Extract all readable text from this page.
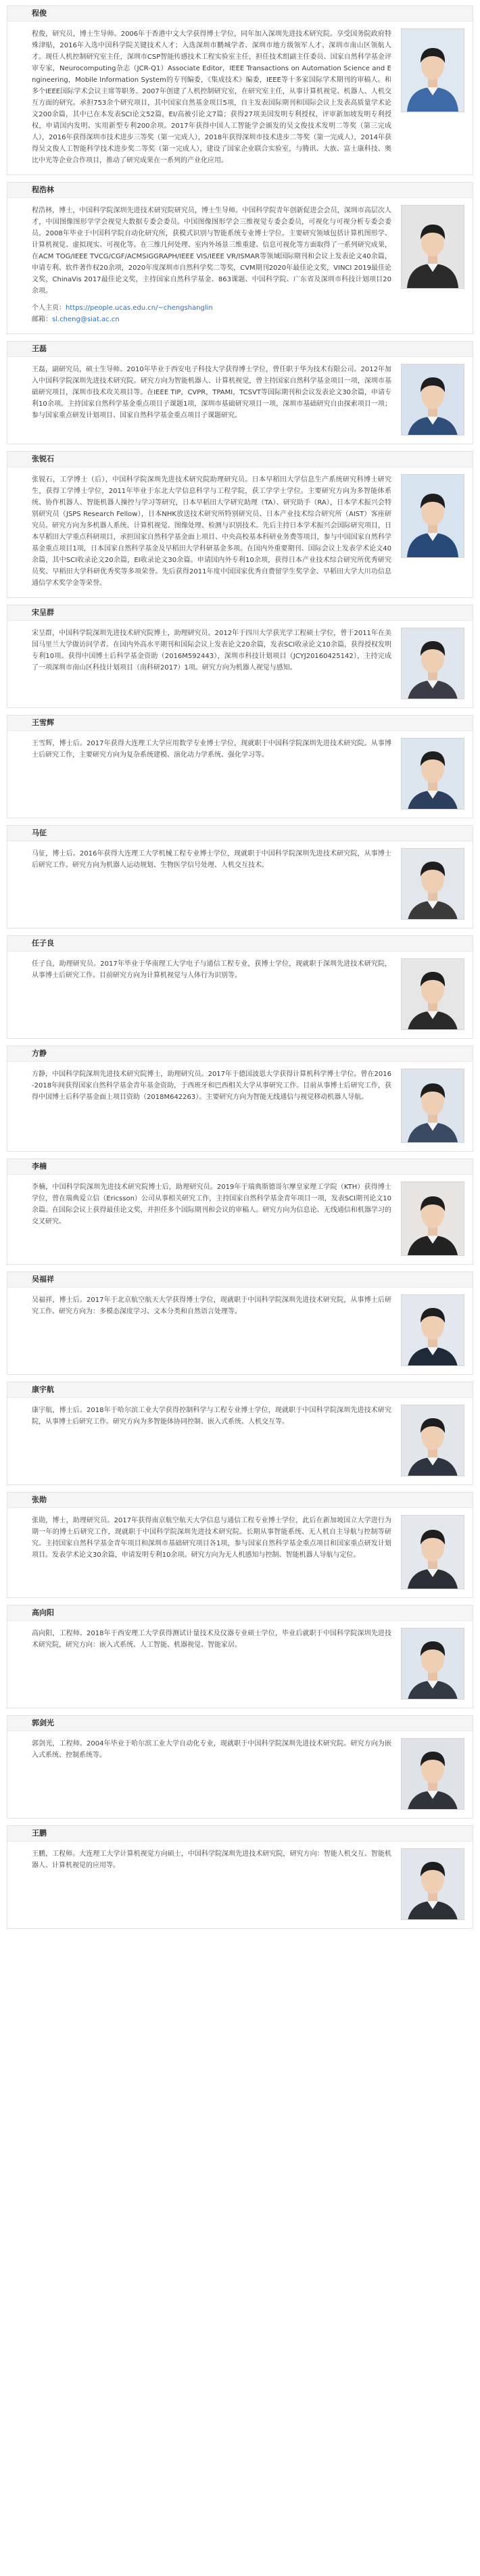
程俊

程俊，研究员，博士生导师。2006年于香港中文大学获得博士学位，同年加入深圳先进技术研究院。享受国务院政府特殊津贴，2016年入选中国科学院关键技术人才；入选深圳市鹏城学者、深圳市地方级领军人才、深圳市南山区领航人才。现任人机控制研究室主任，深圳市CSP智能传感技术工程实验室主任，担任技术组副主任委员、国家自然科学基金评审专家，Neurocomputing杂志（JCR-Q1）Associate Editor，IEEE Transactions on Automation Science and Engineering，Mobile Information System的专刊编委，《集成技术》编委，IEEE等十多家国际学术期刊的审稿人。和多个IEEE国际学术会议主席等职务。2007年创建了人机控制研究室，在研究室主任，从事计算机视觉、机器人、人机交互方面的研究。承担753余个研究项目，其中国家自然基金项目5项，自主发表国际期刊和国际会议上发表高质量学术论文200余篇，其中已在本发表SCI论文52篇，EI/高被引论文7篇；获得27项美国发明专利授权，评审新加坡发明专利授权，申请国内发明、实用新型专利200余项。2017年获得中国人工智能学会颁发的吴文俊技术发明二等奖（第三完成人），2016年获得深圳市技术进步三等奖（第一完成人），2018年获得深圳市技术进步二等奖（第一完成人），2014年获得吴文俊人工智能科学技术进步奖二等奖（第一完成人），建设了国家企业联合实验室，与腾讯、大族、富士康科技、奥比中光等企业合作项目，推动了研究成果在一系列的产业化应用。

程浩林

程浩林，博士，中国科学院深圳先进技术研究院研究员，博士生导师。中国科学院青年创新促进会会员，深圳市高层次人才，中国图像图形学学会视觉大数据专委会委员。中国图像图形学会三维视觉专委会委员，可视化与可视分析专委会委员。2008年毕业于中国科学院自动化研究所，获模式识别与智能系统专业博士学位。主要研究领域包括计算机图形学、计算机视觉、虚拟现实、可视化等。在三维几何处理、室内外场景三维重建、信息可视化等方面取得了一系列研究成果，在ACM TOG/IEEE TVCG/CGF/ACMSIGGRAPH/IEEE VIS/IEEE VR/ISMAR等领域国际期刊和会议上发表论文40余篇，申请专利、软件著作权20余项，2020年度深圳市自然科学奖二等奖，CVM期刊2020年最佳论文奖，VINCI 2019最佳论文奖，ChinaVis 2017最佳论文奖，主持国家自然科学基金、863课题、中国科学院、广东省及深圳市科技计划项目20余项。

个人主页：https://people.ucas.edu.cn/~chengshanglin
邮箱：sl.cheng@siat.ac.cn
王磊

王磊，副研究员，硕士生导师。2010年毕业于西安电子科技大学获得博士学位，曾任职于华为技术有限公司。2012年加入中国科学院深圳先进技术研究院。研究方向为智能机器人、计算机视觉，曾主持国家自然科学基金项目一项，深圳市基础研究项目，深圳市技术攻关项目等。在IEEE TIP，CVPR，TPAMI，TCSVT等国际期刊和会议发表论文30余篇，申请专利10余项。主持国家自然科学基金重点项目子课题1项，深圳市基础研究项目一项，深圳市基础研究自由探索项目一项；参与国家重点研发计划项目、国家自然科学基金重点项目子课题研究。

张锐石

张锐石，工学博士（后），中国科学院深圳先进技术研究院助理研究员。日本早稻田大学信息生产系统研究科博士研究生，获得工学博士学位，2011年毕业于东北大学信息科学与工程学院，获工学学士学位。主要研究方向为多智能体系统、协作机器人、智能机器人操控与学习等研究，日本早稻田大学研究助理（TA）、研究助手（RA），日本学术振兴会特别研究员（JSPS Research Fellow），日本NHK放送技术研究所特别研究员、日本产业技术综合研究所（AIST）客座研究员。研究方向为多机器人系统、计算机视觉、图像处理、检测与识别技术。先后主持日本学术振兴会国际研究项目，日本早稻田大学重点科研项目，承担国家自然科学基金面上项目、中央高校基本科研业务费等项目，参与中国国家自然科学基金重点项目1项，日本国家自然科学基金及早稻田大学科研基金多项。在国内外重要期刊、国际会议上发表学术论文40余篇，其中SCI收录论文20余篇，EI收录论文30余篇。申请国内外专利10余项，获得日本产业技术综合研究所优秀研究员奖、早稻田大学科研优秀奖等多项荣誉。先后获得2011年度中国国家优秀自费留学生奖学金、早稻田大学大川功信息通信学术奖学金等荣誉。

宋呈群

宋呈群，中国科学院深圳先进技术研究院博士，助理研究员。2012年于四川大学获光学工程硕士学位，曾于2011年在美国马里兰大学做访问学者。在国内外高水平期刊和国际会议上发表论文20余篇，发表SCI收录论文10余篇，获得授权发明专利10项。获得中国博士后科学基金资助（2016M592443），深圳市科技计划项目（JCYJ20160425142），主持完成了一项深圳市南山区科技计划项目（南科研2017）1项。研究方向为机器人视觉与感知。

王雪辉

王雪辉，博士后。2017年获得大连理工大学应用数学专业博士学位，现就职于中国科学院深圳先进技术研究院。从事博士后研究工作，主要研究方向为复杂系统建模、演化动力学系统、强化学习等。

马征

马征，博士后。2016年获得大连理工大学机械工程专业博士学位，现就职于中国科学院深圳先进技术研究院，从事博士后研究工作。研究方向为机器人运动规划、生物医学信号处理、人机交互技术。

任子良

任子良，助理研究员。2017年毕业于华南理工大学电子与通信工程专业，获博士学位，现就职于深圳先进技术研究院，从事博士后研究工作。目前研究方向为计算机视觉与人体行为识别等。

方静

方静，中国科学院深圳先进技术研究院博士，助理研究员。2017年于德国波恩大学获得计算机科学博士学位。曾在2016-2018年间获得国家自然科学基金青年基金资助，于西班牙和巴西相关大学从事研究工作。目前从事博士后研究工作，获得中国博士后科学基金面上项目资助（2018M642263）。主要研究方向为智能无线通信与视觉移动机器人导航。

李楠

李楠，中国科学院深圳先进技术研究院博士后，助理研究员。2019年于瑞典斯德哥尔摩皇家理工学院（KTH）获得博士学位，曾在瑞典爱立信（Ericsson）公司从事相关研究工作，主持国家自然科学基金青年项目一项，发表SCI期刊论文10余篇。在国际会议上获得最佳论文奖，并担任多个国际期刊和会议的审稿人。研究方向为信息论、无线通信和机器学习的交叉研究。

吴福祥

吴福祥，博士后。2017年于北京航空航天大学获得博士学位，现就职于中国科学院深圳先进技术研究院，从事博士后研究工作。研究方向为：多模态深度学习、文本分类和自然语言处理等。

康宇航

康宇航，博士后。2018年于哈尔滨工业大学获得控制科学与工程专业博士学位，现就职于中国科学院深圳先进技术研究院，从事博士后研究工作。研究方向为多智能体协同控制、嵌入式系统、人机交互等。

张勋

张勋，博士，助理研究员。2017年获得南京航空航天大学信息与通信工程专业博士学位，此后在新加坡国立大学进行为期一年的博士后研究工作，现就职于中国科学院深圳先进技术研究院。长期从事智能系统、无人机自主导航与控制等研究。主持国家自然科学基金青年项目和深圳市基础研究项目各1项，参与国家自然科学基金重点项目和国家重点研发计划项目。发表学术论文30余篇，申请发明专利10余项。研究方向为无人机感知与控制、智能机器人导航与定位。

高向阳

高向阳，工程师。2018年于西安理工大学获得测试计量技术及仪器专业硕士学位，毕业后就职于中国科学院深圳先进技术研究院，研究方向：嵌入式系统、人工智能、机器视觉、智能家居。

郭剑光

郭剑光，工程师。2004年毕业于哈尔滨工业大学自动化专业，现就职于中国科学院深圳先进技术研究院。研究方向为嵌入式系统、控制系统等。

王鹏

王鹏，工程师。大连理工大学计算机视觉方向硕士，中国科学院深圳先进技术研究院，研究方向：智能人机交互、智能机器人、计算机视觉的应用等。
